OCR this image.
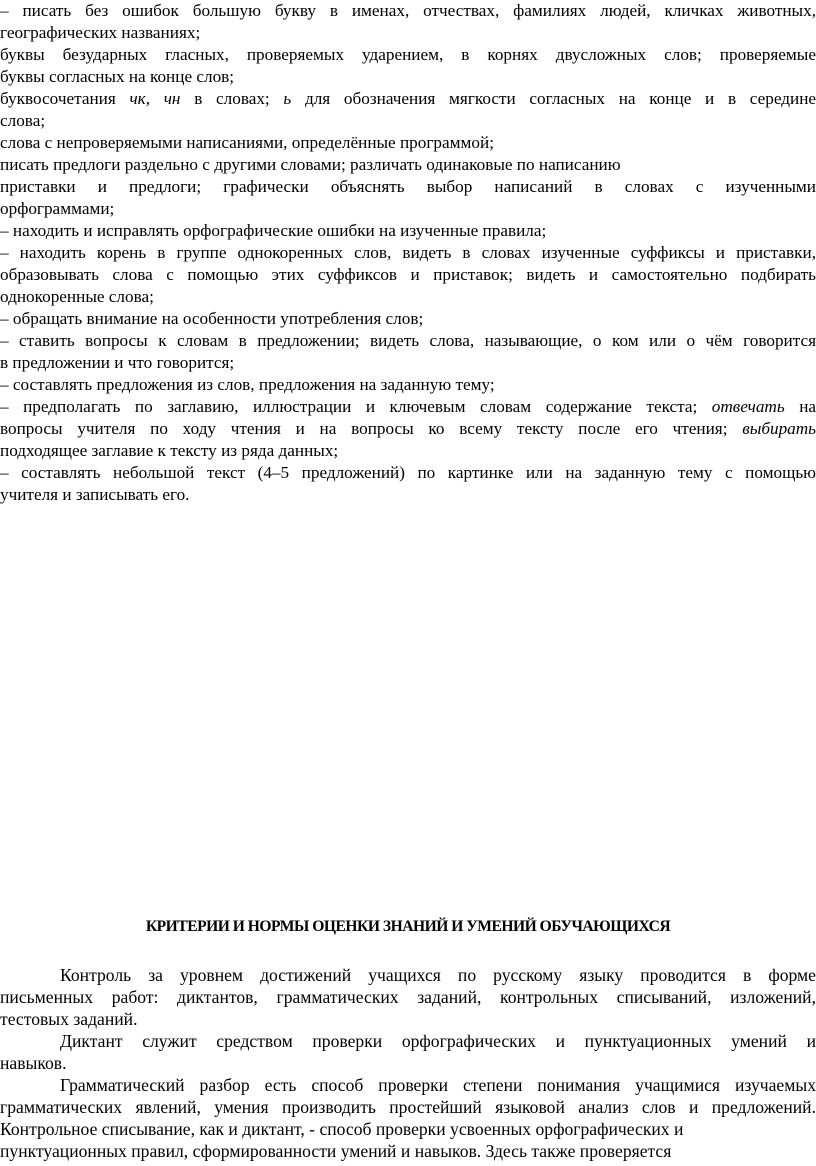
– писать без ошибок большую букву в именах, отчествах, фамилиях людей, кличках животных,
географических названиях;
буквы безударных гласных, проверяемых ударением, в корнях двусложных слов; проверяемые
буквы согласных на конце слов;
буквосочетания чк, чн в словах; ь для обозначения мягкости согласных на конце и в середине
слова;
слова с непроверяемыми написаниями, определённые программой;
писать предлоги раздельно с другими словами; различать одинаковые по написанию
приставки и предлоги; графически объяснять выбор написаний в словах с изученными
орфограммами;
– находить и исправлять орфографические ошибки на изученные правила;
– находить корень в группе однокоренных слов, видеть в словах изученные суффиксы и приставки,
образовывать слова с помощью этих суффиксов и приставок; видеть и самостоятельно подбирать
однокоренные слова;
– обращать внимание на особенности употребления слов;
– ставить вопросы к словам в предложении; видеть слова, называющие, о ком или о чём говорится
в предложении и что говорится;
– составлять предложения из слов, предложения на заданную тему;
– предполагать по заглавию, иллюстрации и ключевым словам содержание текста; отвечать на
вопросы учителя по ходу чтения и на вопросы ко всему тексту после его чтения; выбирать
подходящее заглавие к тексту из ряда данных;
– составлять небольшой текст (4–5 предложений) по картинке или на заданную тему с помощью
учителя и записывать его.
КРИТЕРИИ И НОРМЫ ОЦЕНКИ ЗНАНИЙ И УМЕНИЙ ОБУЧАЮЩИХСЯ
Контроль за уровнем достижений учащихся по русскому языку проводится в форме
письменных работ: диктантов, грамматических заданий, контрольных списываний, изложений,
тестовых заданий.
Диктант служит средством проверки орфографических и пунктуационных умений и
навыков.
Грамматический разбор есть способ проверки степени понимания учащимися изучаемых
грамматических явлений, умения производить простейший языковой анализ слов и предложений.
Контрольное списывание, как и диктант, - способ проверки усвоенных орфографических и
пунктуационных правил, сформированности умений и навыков. Здесь также проверяется
